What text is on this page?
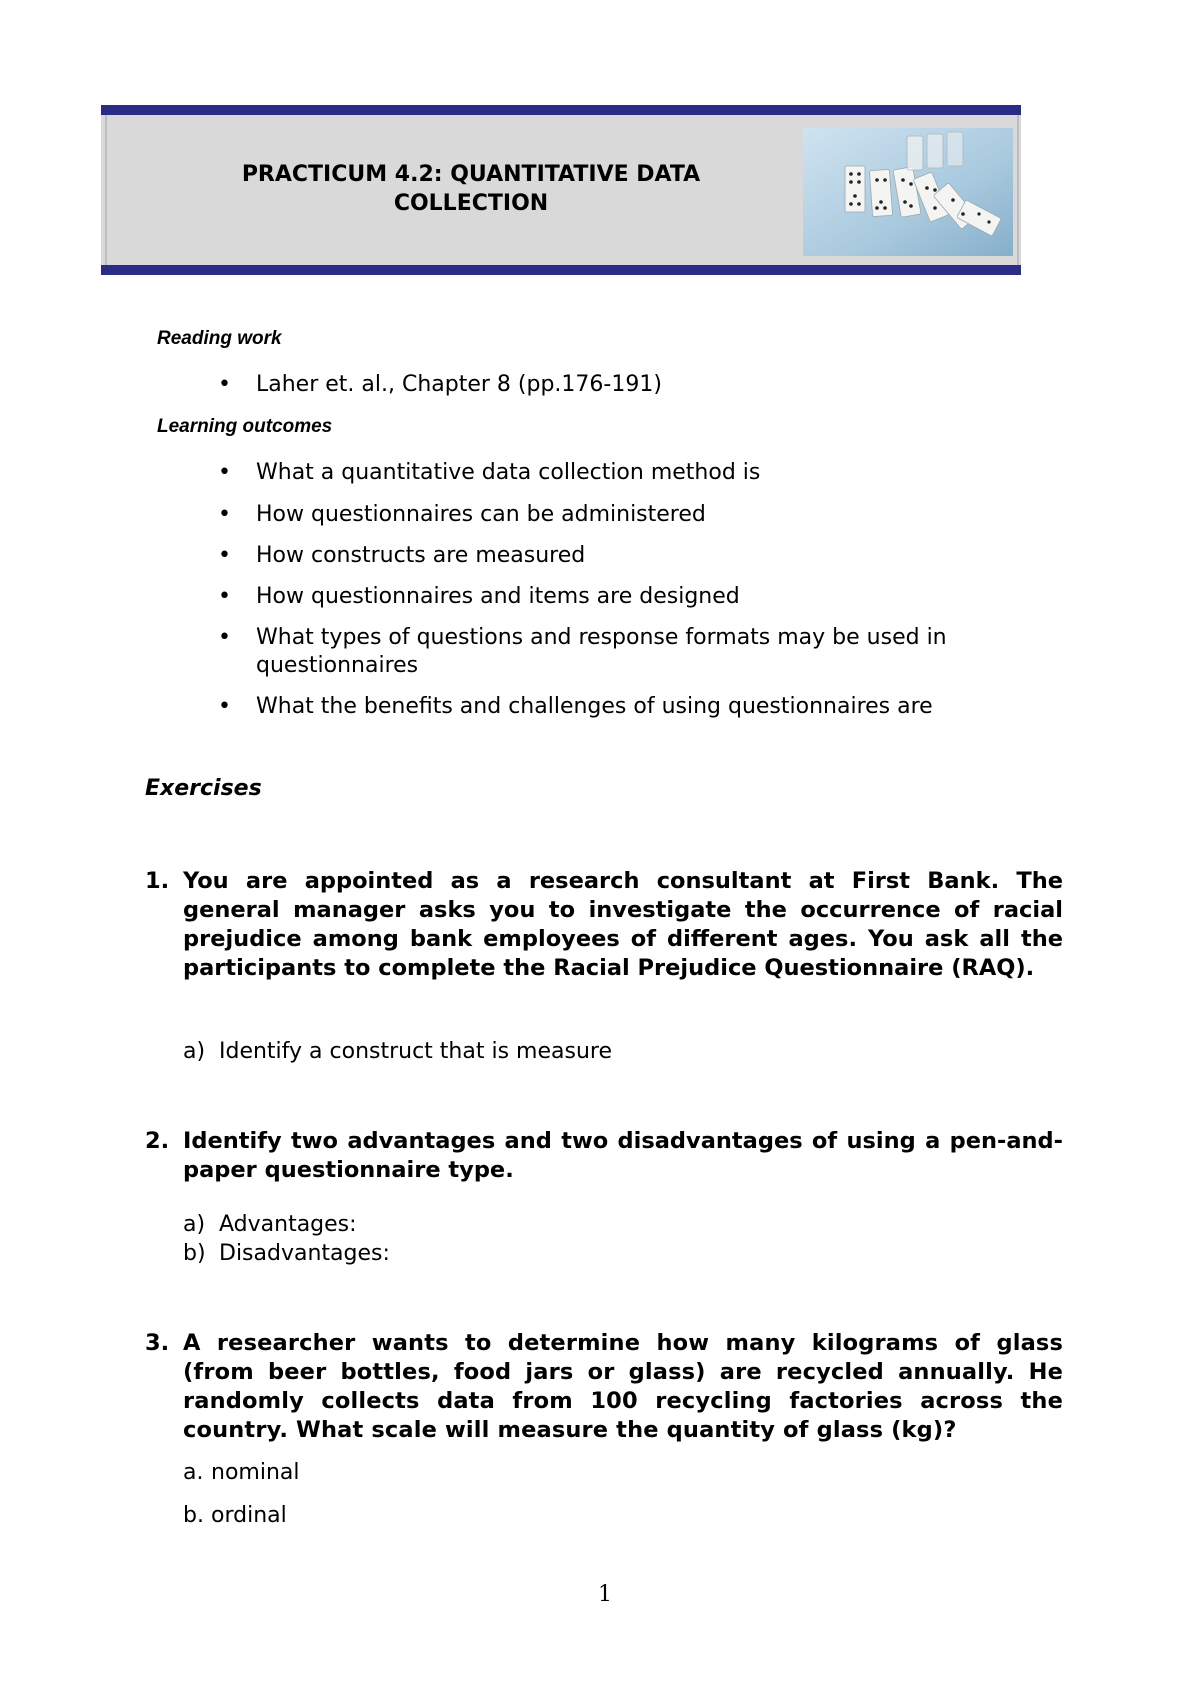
PRACTICUM 4.2: QUANTITATIVE DATA
COLLECTION
Reading work
• Laher et. al., Chapter 8 (pp.176-191)
Learning outcomes
• What a quantitative data collection method is
• How questionnaires can be administered
• How constructs are measured
• How questionnaires and items are designed
• What types of questions and response formats may be used in
questionnaires
• What the benefits and challenges of using questionnaires are
Exercises
1. You are appointed as a research consultant at First Bank. The general manager asks you to investigate the occurrence of racial prejudice among bank employees of different ages. You ask all the participants to complete the Racial Prejudice Questionnaire (RAQ).
a) Identify a construct that is measure
2. Identify two advantages and two disadvantages of using a pen-and-paper questionnaire type.
a) Advantages:
b) Disadvantages:
3. A researcher wants to determine how many kilograms of glass (from beer bottles, food jars or glass) are recycled annually. He randomly collects data from 100 recycling factories across the country. What scale will measure the quantity of glass (kg)?
a. nominal
b. ordinal
1
